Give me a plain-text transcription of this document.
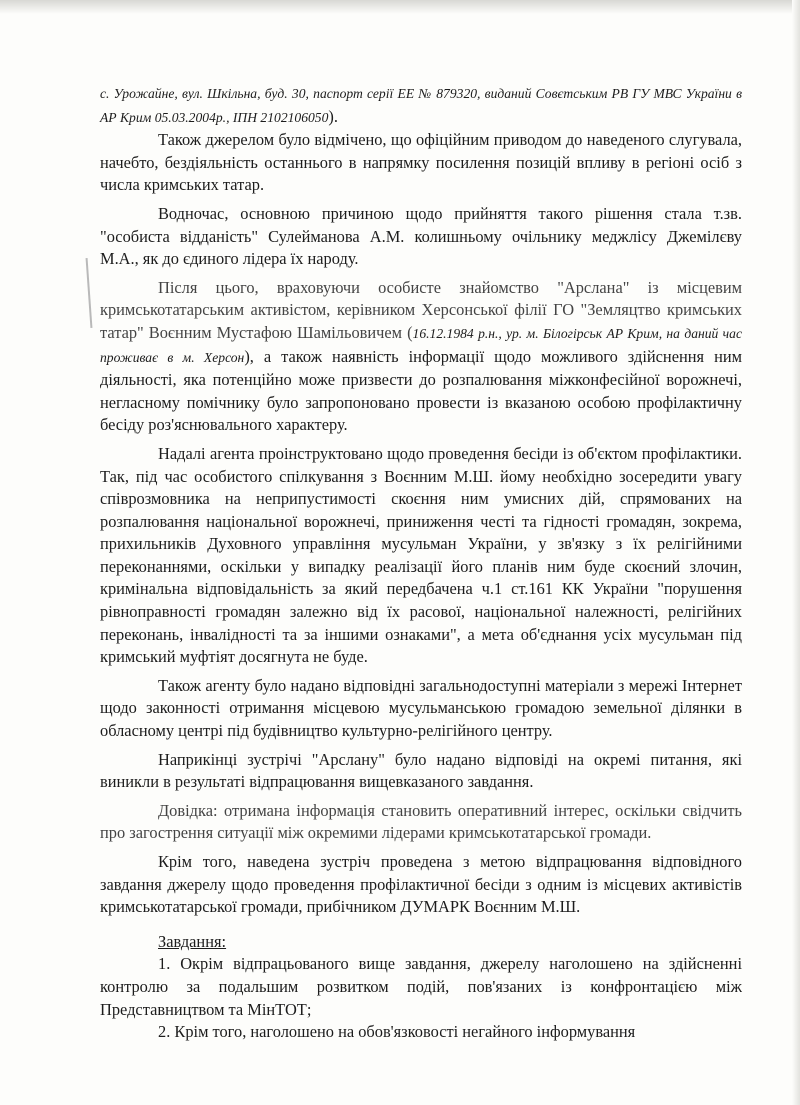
с. Урожайне, вул. Шкільна, буд. 30, паспорт серії ЕЕ № 879320, виданий Совєтським РВ ГУ МВС України в АР Крим 05.03.2004р., ІПН 2102106050).

Також джерелом було відмічено, що офіційним приводом до наведеного слугувала, начебто, бездіяльність останнього в напрямку посилення позицій впливу в регіоні осіб з числа кримських татар.

Водночас, основною причиною щодо прийняття такого рішення стала т.зв. "особиста відданість" Сулейманова А.М. колишньому очільнику меджлісу Джемілєву М.А., як до єдиного лідера їх народу.

Після цього, враховуючи особисте знайомство "Арслана" із місцевим кримськотатарським активістом, керівником Херсонської філії ГО "Земляцтво кримських татар" Воєнним Мустафою Шамільовичем (16.12.1984 р.н., ур. м. Білогірськ АР Крим, на даний час проживає в м. Херсон), а також наявність інформації щодо можливого здійснення ним діяльності, яка потенційно може призвести до розпалювання міжконфесійної ворожнечі, негласному помічнику було запропоновано провести із вказаною особою профілактичну бесіду роз'яснювального характеру.

Надалі агента проінструктовано щодо проведення бесіди із об'єктом профілактики. Так, під час особистого спілкування з Воєнним М.Ш. йому необхідно зосередити увагу співрозмовника на неприпустимості скоєння ним умисних дій, спрямованих на розпалювання національної ворожнечі, приниження честі та гідності громадян, зокрема, прихильників Духовного управління мусульман України, у зв'язку з їх релігійними переконаннями, оскільки у випадку реалізації його планів ним буде скоєний злочин, кримінальна відповідальність за який передбачена ч.1 ст.161 КК України "порушення рівноправності громадян залежно від їх расової, національної належності, релігійних переконань, інвалідності та за іншими ознаками", а мета об'єднання усіх мусульман під кримський муфтіят досягнута не буде.

Також агенту було надано відповідні загальнодоступні матеріали з мережі Інтернет щодо законності отримання місцевою мусульманською громадою земельної ділянки в обласному центрі під будівництво культурно-релігійного центру.

Наприкінці зустрічі "Арслану" було надано відповіді на окремі питання, які виникли в результаті відпрацювання вищевказаного завдання.

Довідка: отримана інформація становить оперативний інтерес, оскільки свідчить про загострення ситуації між окремими лідерами кримськотатарської громади.

Крім того, наведена зустріч проведена з метою відпрацювання відповідного завдання джерелу щодо проведення профілактичної бесіди з одним із місцевих активістів кримськотатарської громади, прибічником ДУМАРК Воєнним М.Ш.

Завдання:

1. Окрім відпрацьованого вище завдання, джерелу наголошено на здійсненні контролю за подальшим розвитком подій, пов'язаних із конфронтацією між Представництвом та МінТОТ;

2. Крім того, наголошено на обов'язковості негайного інформування
